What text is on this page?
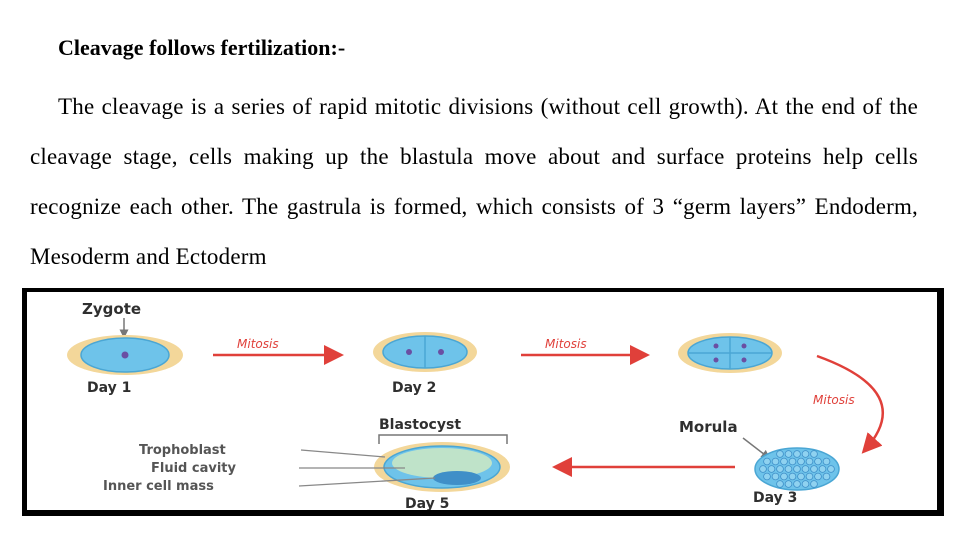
Cleavage follows fertilization:-
The cleavage is a series of rapid mitotic divisions (without cell growth). At the end of the cleavage stage, cells making up the blastula move about and surface proteins help cells recognize each other. The gastrula is formed, which consists of 3 “germ layers” Endoderm, Mesoderm and Ectoderm
Zygote
Day 1
Mitosis
Day 2
Mitosis
Mitosis
Morula
Day 3
Blastocyst
Day 5
Trophoblast
Fluid cavity
Inner cell mass
